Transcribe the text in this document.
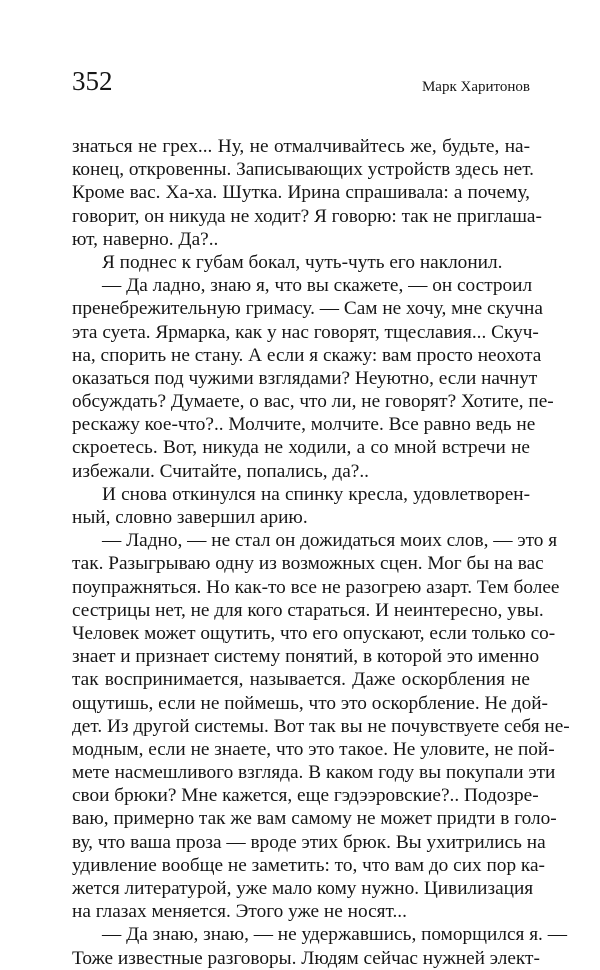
352	Марк Харитонов
знаться не грех... Ну, не отмалчивайтесь же, будьте, на-
конец, откровенны. Записывающих устройств здесь нет.
Кроме вас. Ха-ха. Шутка. Ирина спрашивала: а почему,
говорит, он никуда не ходит? Я говорю: так не приглаша-
ют, наверно. Да?..
Я поднес к губам бокал, чуть-чуть его наклонил.
— Да ладно, знаю я, что вы скажете, — он состроил
пренебрежительную гримасу. — Сам не хочу, мне скучна
эта суета. Ярмарка, как у нас говорят, тщеславия... Скуч-
на, спорить не стану. А если я скажу: вам просто неохота
оказаться под чужими взглядами? Неуютно, если начнут
обсуждать? Думаете, о вас, что ли, не говорят? Хотите, пе-
рескажу кое-что?.. Молчите, молчите. Все равно ведь не
скроетесь. Вот, никуда не ходили, а со мной встречи не
избежали. Считайте, попались, да?..
И снова откинулся на спинку кресла, удовлетворен-
ный, словно завершил арию.
— Ладно, — не стал он дожидаться моих слов, — это я
так. Разыгрываю одну из возможных сцен. Мог бы на вас
поупражняться. Но как-то все не разогрею азарт. Тем более
сестрицы нет, не для кого стараться. И неинтересно, увы.
Человек может ощутить, что его опускают, если только со-
знает и признает систему понятий, в которой это именно
так воспринимается, называется. Даже оскорбления не
ощутишь, если не поймешь, что это оскорбление. Не дой-
дет. Из другой системы. Вот так вы не почувствуете себя не-
модным, если не знаете, что это такое. Не уловите, не пой-
мете насмешливого взгляда. В каком году вы покупали эти
свои брюки? Мне кажется, еще гэдээровские?.. Подозре-
ваю, примерно так же вам самому не может придти в голо-
ву, что ваша проза — вроде этих брюк. Вы ухитрились на
удивление вообще не заметить: то, что вам до сих пор ка-
жется литературой, уже мало кому нужно. Цивилизация
на глазах меняется. Этого уже не носят...
— Да знаю, знаю, — не удержавшись, поморщился я. —
Тоже известные разговоры. Людям сейчас нужней элект-
